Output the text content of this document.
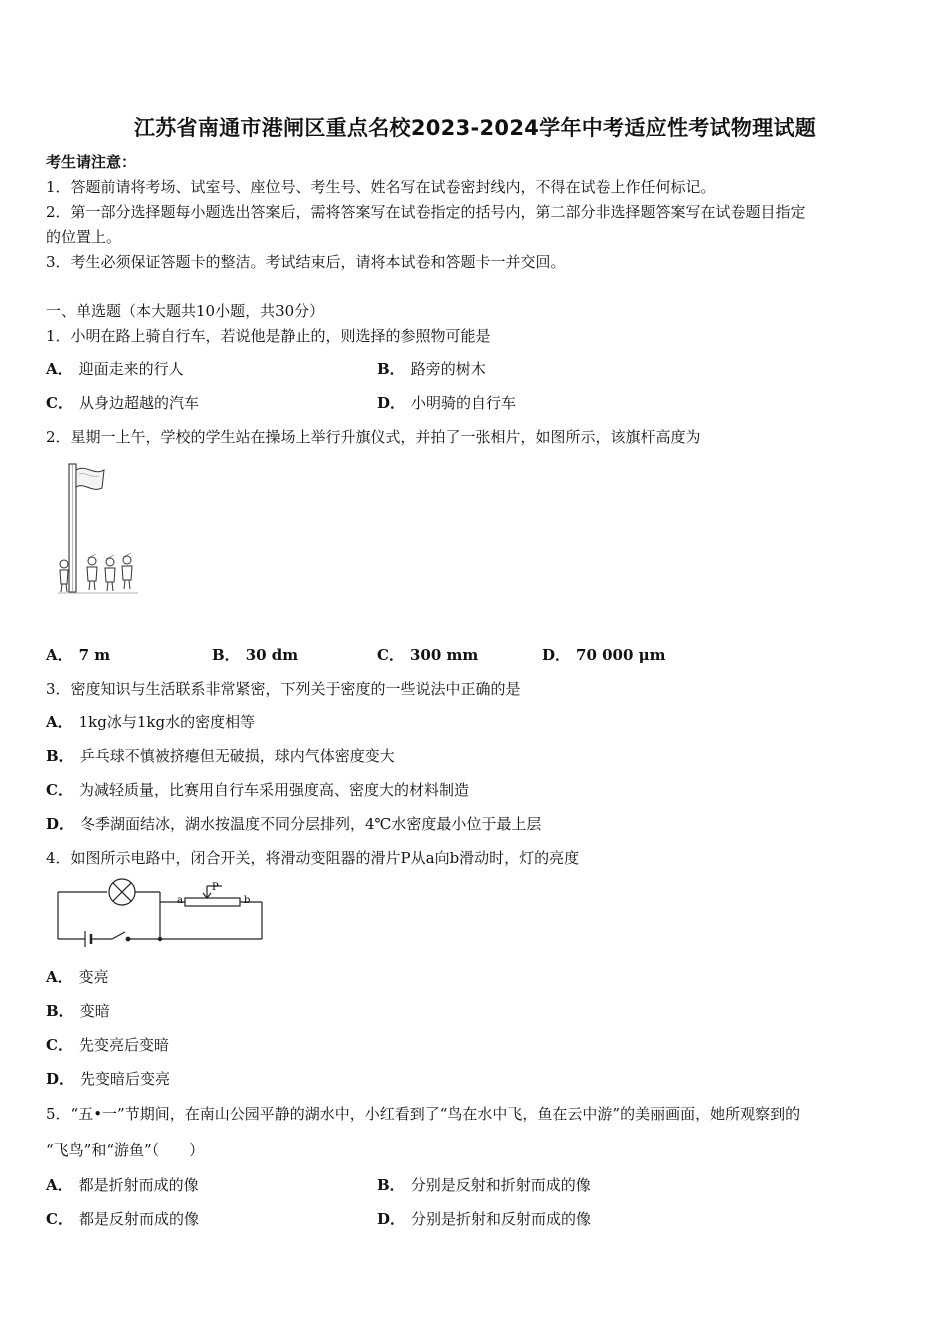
江苏省南通市港闸区重点名校2023-2024学年中考适应性考试物理试题
考生请注意：
1．答题前请将考场、试室号、座位号、考生号、姓名写在试卷密封线内，不得在试卷上作任何标记。
2．第一部分选择题每小题选出答案后，需将答案写在试卷指定的括号内，第二部分非选择题答案写在试卷题目指定
的位置上。
3．考生必须保证答题卡的整洁。考试结束后，请将本试卷和答题卡一并交回。
一、单选题（本大题共10小题，共30分）
1．小明在路上骑自行车，若说他是静止的，则选择的参照物可能是
A． 迎面走来的行人	B． 路旁的树木
C． 从身边超越的汽车	D． 小明骑的自行车
2．星期一上午，学校的学生站在操场上举行升旗仪式，并拍了一张相片，如图所示，该旗杆高度为
A． 7 m	B． 30 dm	C． 300 mm	D． 70 000 μm
3．密度知识与生活联系非常紧密，下列关于密度的一些说法中正确的是
A． 1kg冰与1kg水的密度相等
B． 乒乓球不慎被挤瘪但无破损，球内气体密度变大
C． 为减轻质量，比赛用自行车采用强度高、密度大的材料制造
D． 冬季湖面结冰，湖水按温度不同分层排列，4℃水密度最小位于最上层
4．如图所示电路中，闭合开关，将滑动变阻器的滑片P从a向b滑动时，灯的亮度
a
P
b
A． 变亮
B． 变暗
C． 先变亮后变暗
D． 先变暗后变亮
5．“五•一”节期间，在南山公园平静的湖水中，小红看到了“鸟在水中飞，鱼在云中游”的美丽画面，她所观察到的
“飞鸟”和“游鱼”（　　）
A． 都是折射而成的像	B． 分别是反射和折射而成的像
C． 都是反射而成的像	D． 分别是折射和反射而成的像
